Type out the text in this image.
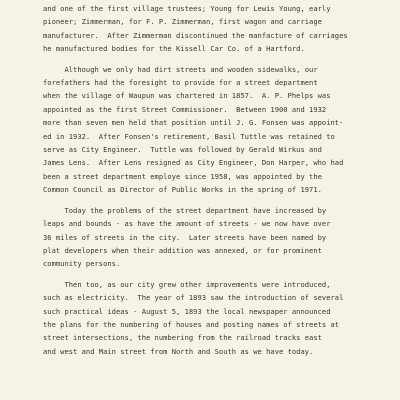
and one of the first village trustees; Young for Lewis Young, early
pioneer; Zimmerman, for F. P. Zimmerman, first wagon and carriage
manufacturer.  After Zimmerman discontinued the manfacture of carriages
he manufactured bodies for the Kissell Car Co. of a Hartford.
Although we only had dirt streets and wooden sidewalks, our
forefathers had the foresight to provide for a street department
when the village of Waupun was chartered in 1857.  A. P. Phelps was
appointed as the first Street Commissioner.  Between 1900 and 1932
more than seven men held that position until J. G. Fonsen was appoint-
ed in 1932.  After Fonsen's retirement, Basil Tuttle was retained to
serve as City Engineer.  Tuttle was followed by Gerald Wirkus and
James Lens.  After Lens resigned as City Engineer, Don Harper, who had
been a street department employe since 1958, was appointed by the
Common Council as Director of Public Works in the spring of 1971.
Today the problems of the street department have increased by
leaps and bounds - as have the amount of streets - we now have over
36 miles of streets in the city.  Later streets have been named by
plat developers when their addition was annexed, or for prominent
community persons.
Then too, as our city grew other improvements were introduced,
such as electricity.  The year of 1893 saw the introduction of several
such practical ideas - August 5, 1893 the local newspaper announced
the plans for the numbering of houses and posting names of streets at
street intersections, the numbering from the railroad tracks east
and west and Main street from North and South as we have today.
